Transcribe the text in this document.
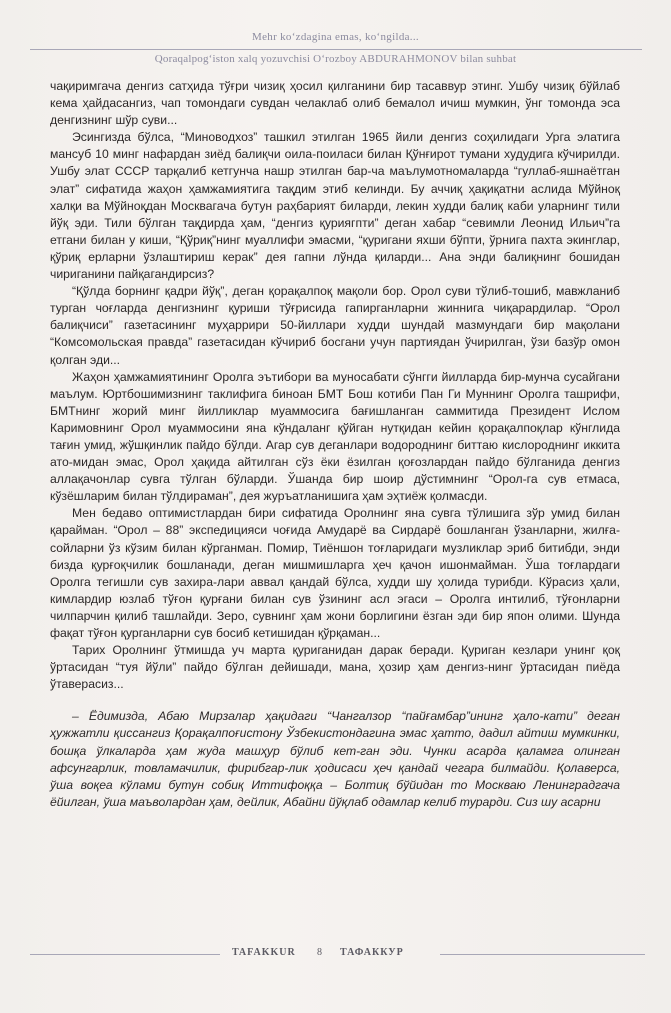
Mehr ko‘zdagina emas, ko‘ngilda...
Qoraqalpog‘iston xalq yozuvchisi O‘rozboy ABDURAHMONOV bilan suhbat

чақиримгача денгиз сатҳида тўғри чизиқ ҳосил қилганини бир тасаввур этинг. Ушбу чизиқ бўйлаб кема ҳайдасангиз, чап томондаги сувдан челаклаб олиб бемалол ичиш мумкин, ўнг томонда эса денгизнинг шўр суви...

Эсингизда бўлса, “Миноводхоз” ташкил этилган 1965 йили денгиз соҳилидаги Урга элатига мансуб 10 минг нафардан зиёд балиқчи оила-поилаcи билан Қўнғирот тумани худудига кўчирилди. Ушбу элат СССР тарқалиб кетгунча нашр этилган бар-ча маълумотномаларда “гуллаб-яшнаётган элат” сифатида жаҳон ҳамжамиятига тақдим этиб келинди. Бу аччиқ ҳақиқатни аслида Мўйноқ халқи ва Мўйноқдан Москвагача бутун раҳбарият биларди, лекин худди балиқ каби уларнинг тили йўқ эди. Тили бўлган тақдирда ҳам, “денгиз қуриягпти” деган хабар “севимли Леонид Ильич”га етгани билан у киши, “Қўриқ”нинг муаллифи эмасми, “қуригани яхши бўпти, ўрнига пахта экинглар, қўриқ ерларни ўзлаштириш керак” дея гапни лўнда қиларди... Ана энди балиқнинг бошидан чириганини пайқагандирсиз?

“Қўлда борнинг қадри йўқ”, деган қорақалпоқ мақоли бор. Орол суви тўлиб-тошиб, мавжланиб турган чоғларда денгизнинг қуриши тўғрисида гапирганларни жиннига чиқарардилар. “Орол балиқчиси” газетасининг муҳаррири 50-йиллари худди шундай мазмундаги бир мақолани “Комсомольская правда” газетасидан кўчириб босгани учун партиядан ўчирилган, ўзи базўр омон қолган эди...

Жаҳон ҳамжамиятининг Оролга эътибори ва муносабати сўнгги йилларда бир-мунча сусайгани маълум. Юртбошимизнинг таклифига биноан БМТ Бош котиби Пан Ги Муннинг Оролга ташрифи, БМТнинг жорий минг йилликлар муаммосига бағишланган саммитида Президент Ислом Каримовнинг Орол муаммосини яна кўндаланг қўйган нутқидан кейин қорақалпоқлар кўнглида тағин умид, жўшқинлик пайдо бўлди. Агар сув деганлари водороднинг биттаю кислороднинг иккита ато-мидан эмас, Орол ҳақида айтилган сўз ёки ёзилган қоғозлардан пайдо бўлганида денгиз аллақачонлар сувга тўлган бўларди. Ўшанда бир шоир дўстимнинг “Орол-га сув етмаса, кўзёшларим билан тўлдираман”, дея журъатланишига ҳам эҳтиёж қолмасди.

Мен бедаво оптимистлардан бири сифатида Оролнинг яна сувга тўлишига зўр умид билан қарайман. “Орол – 88” экспедицияси чоғида Амударё ва Сирдарё бошланган ўзанларни, жилға-сойларни ўз кўзим билан кўрганман. Помир, Тиёншон тоғларидаги музликлар эриб битибди, энди бизда қурғоқчилик бошланади, деган мишмишларга ҳеч қачон ишонмайман. Ўша тоғлардаги Оролга тегишли сув захира-лари аввал қандай бўлса, худди шу ҳолида турибди. Кўрасиз ҳали, кимлардир юзлаб тўғон қурғани билан сув ўзининг асл эгаси – Оролга интилиб, тўғонларни чилпарчин қилиб ташлайди. Зеро, сувнинг ҳам жони борлигини ёзган эди бир япон олими. Шунда фақат тўғон қурганларни сув босиб кетишидан қўрқаман...

Тарих Оролнинг ўтмишда уч марта қуриганидан дарак беради. Қуриган кезлари унинг қоқ ўртасидан “туя йўли” пайдо бўлган дейишади, мана, ҳозир ҳам денгиз-нинг ўртасидан пиёда ўтаверасиз...

– Ёдимизда, Абаю Мирзалар ҳақидаги “Чангалзор “пайғамбар”ининг ҳало-кати” деган ҳужжатли қиссангиз Қорақалпоғистону Ўзбекистондагина эмас ҳатто, дадил айтиш мумкинки, бошқа ўлкаларда ҳам жуда машҳур бўлиб кет-ган эди. Чунки асарда қаламга олинган афсунгарлик, товламачилик, фирибгар-лик ҳодисаси ҳеч қандай чегара билмайди. Қолаверса, ўша воқеа кўлами бутун собиқ Иттифоққа – Болтиқ бўйидан то Москваю Ленинградгача ёйилган, ўша маъволардан ҳам, дейлик, Абайни йўқлаб одамлар келиб турарди. Сиз шу асарни

TAFAKKUR 8 ТАФАККУР
